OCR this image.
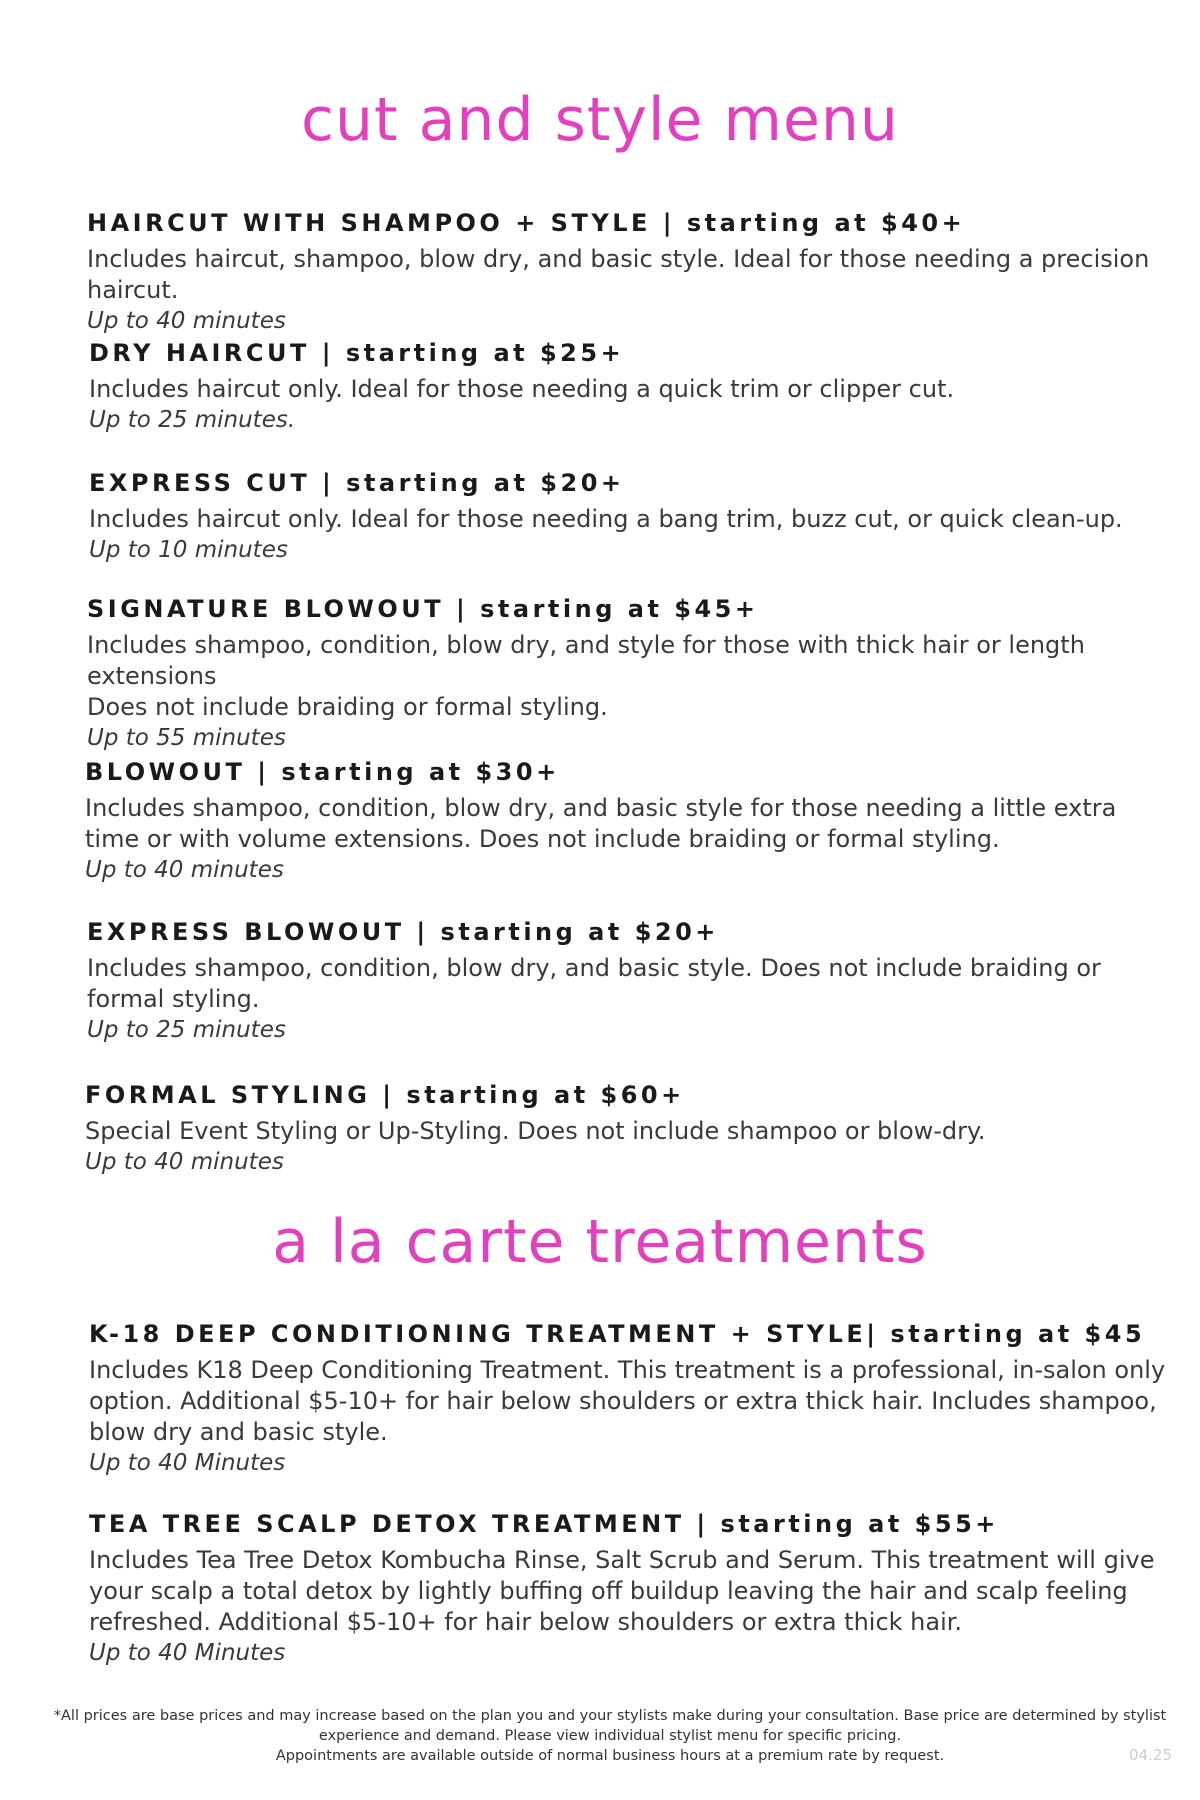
cut and style menu
HAIRCUT WITH SHAMPOO + STYLE | starting at $40+

Includes haircut, shampoo, blow dry, and basic style. Ideal for those needing a precision haircut.

Up to 40 minutes

DRY HAIRCUT | starting at $25+

Includes haircut only. Ideal for those needing a quick trim or clipper cut.

Up to 25 minutes.

EXPRESS CUT | starting at $20+

Includes haircut only. Ideal for those needing a bang trim, buzz cut, or quick clean-up.

Up to 10 minutes

SIGNATURE BLOWOUT | starting at $45+

Includes shampoo, condition, blow dry, and style for those with thick hair or length extensions
Does not include braiding or formal styling.

Up to 55 minutes

BLOWOUT | starting at $30+

Includes shampoo, condition, blow dry, and basic style for those needing a little extra
time or with volume extensions. Does not include braiding or formal styling.

Up to 40 minutes

EXPRESS BLOWOUT | starting at $20+

Includes shampoo, condition, blow dry, and basic style. Does not include braiding or
formal styling.

Up to 25 minutes

FORMAL STYLING | starting at $60+

Special Event Styling or Up-Styling. Does not include shampoo or blow-dry.

Up to 40 minutes

a la carte treatments
K-18 DEEP CONDITIONING TREATMENT + STYLE| starting at $45

Includes K18 Deep Conditioning Treatment. This treatment is a professional, in-salon only
option. Additional $5-10+ for hair below shoulders or extra thick hair. Includes shampoo,
blow dry and basic style.

Up to 40 Minutes

TEA TREE SCALP DETOX TREATMENT | starting at $55+

Includes Tea Tree Detox Kombucha Rinse, Salt Scrub and Serum. This treatment will give
your scalp a total detox by lightly buffing off buildup leaving the hair and scalp feeling
refreshed. Additional $5-10+ for hair below shoulders or extra thick hair.

Up to 40 Minutes

*All prices are base prices and may increase based on the plan you and your stylists make during your consultation. Base price are determined by stylist

experience and demand. Please view individual stylist menu for specific pricing.

Appointments are available outside of normal business hours at a premium rate by request.	04.25
